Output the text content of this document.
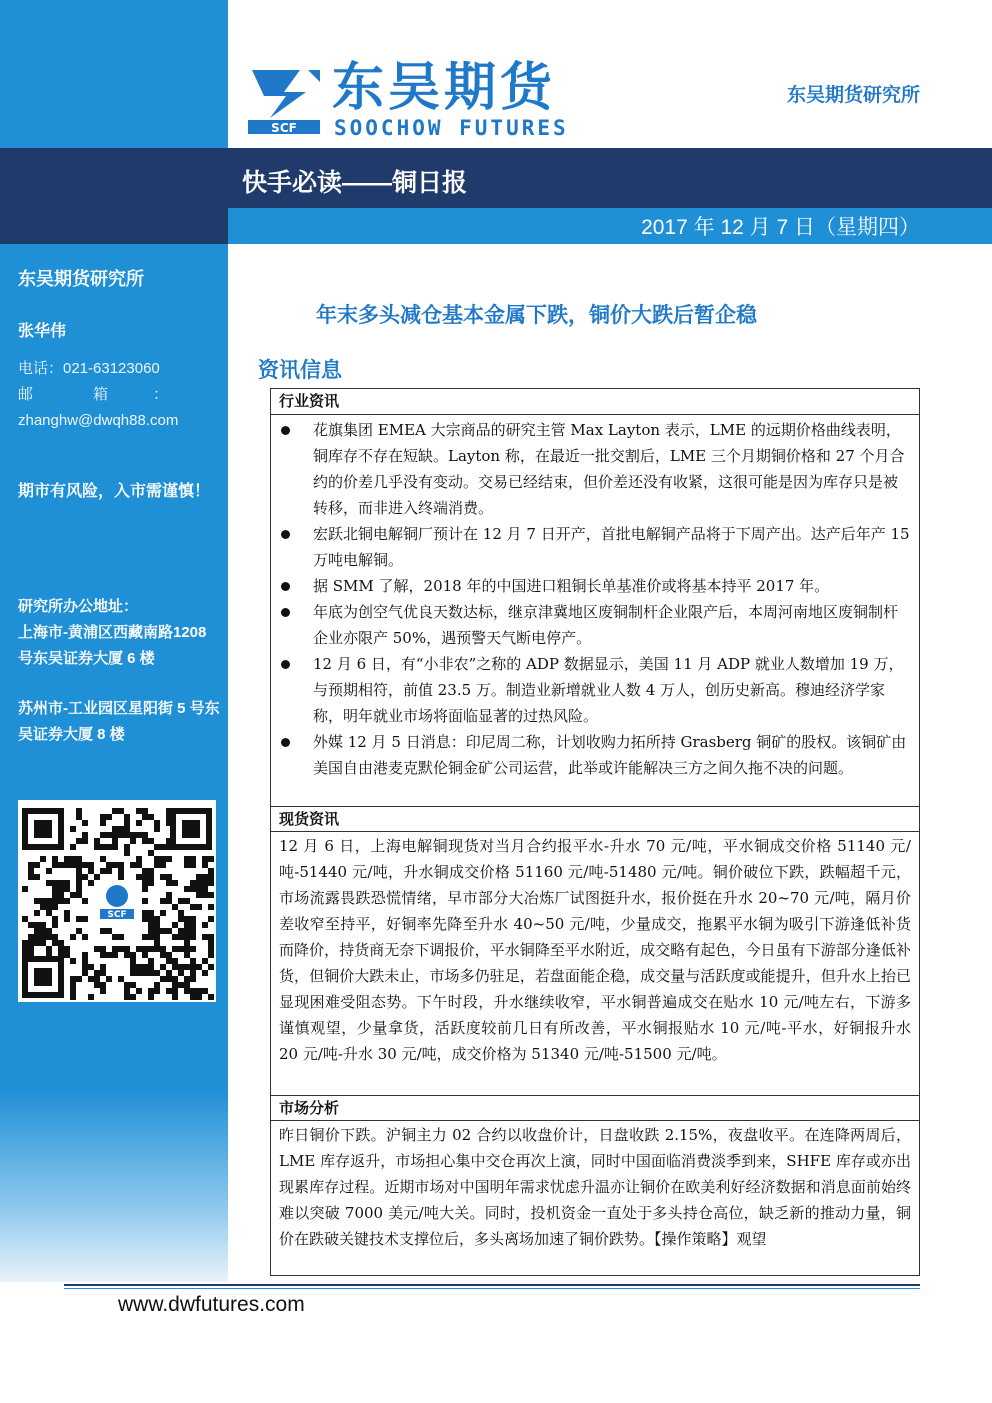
东吴期货研究所
张华伟
电话：021-63123060
邮　　　　箱　　　：
zhanghw@dwqh88.com
期市有风险，入市需谨慎！
研究所办公地址：
上海市-黄浦区西藏南路1208 号东吴证券大厦 6 楼
苏州市-工业园区星阳街 5 号东吴证券大厦 8 楼
SCF
SCF
东吴期货
SOOCHOW FUTURES
东吴期货研究所
快手必读——铜日报
2017 年 12 月 7 日（星期四）
年末多头减仓基本金属下跌，铜价大跌后暂企稳
资讯信息
行业资讯
花旗集团 EMEA 大宗商品的研究主管 Max Layton 表示，LME 的远期价格曲线表明，铜库存不存在短缺。Layton 称，在最近一批交割后，LME 三个月期铜价格和 27 个月合约的价差几乎没有变动。交易已经结束，但价差还没有收紧，这很可能是因为库存只是被转移，而非进入终端消费。
宏跃北铜电解铜厂预计在 12 月 7 日开产，首批电解铜产品将于下周产出。达产后年产 15 万吨电解铜。
据 SMM 了解，2018 年的中国进口粗铜长单基准价或将基本持平 2017 年。
年底为创空气优良天数达标，继京津冀地区废铜制杆企业限产后，本周河南地区废铜制杆企业亦限产 50%，遇预警天气断电停产。
12 月 6 日，有“小非农”之称的 ADP 数据显示，美国 11 月 ADP 就业人数增加 19 万，与预期相符，前值 23.5 万。制造业新增就业人数 4 万人，创历史新高。穆迪经济学家称，明年就业市场将面临显著的过热风险。
外媒 12 月 5 日消息：印尼周二称，计划收购力拓所持 Grasberg 铜矿的股权。该铜矿由美国自由港麦克默伦铜金矿公司运营，此举或许能解决三方之间久拖不决的问题。
现货资讯
12 月 6 日，上海电解铜现货对当月合约报平水-升水 70 元/吨，平水铜成交价格 51140 元/吨-51440 元/吨，升水铜成交价格 51160 元/吨-51480 元/吨。铜价破位下跌，跌幅超千元，市场流露畏跌恐慌情绪，早市部分大冶炼厂试图挺升水，报价挺在升水 20~70 元/吨，隔月价差收窄至持平，好铜率先降至升水 40~50 元/吨，少量成交，拖累平水铜为吸引下游逢低补货而降价，持货商无奈下调报价，平水铜降至平水附近，成交略有起色，今日虽有下游部分逢低补货，但铜价大跌未止，市场多仍驻足，若盘面能企稳，成交量与活跃度或能提升，但升水上抬已显现困难受阻态势。下午时段，升水继续收窄，平水铜普遍成交在贴水 10 元/吨左右，下游多谨慎观望，少量拿货，活跃度较前几日有所改善，平水铜报贴水 10 元/吨-平水，好铜报升水 20 元/吨-升水 30 元/吨，成交价格为 51340 元/吨-51500 元/吨。
市场分析
昨日铜价下跌。沪铜主力 02 合约以收盘价计，日盘收跌 2.15%，夜盘收平。在连降两周后，LME 库存返升，市场担心集中交仓再次上演，同时中国面临消费淡季到来，SHFE 库存或亦出现累库存过程。近期市场对中国明年需求忧虑升温亦让铜价在欧美利好经济数据和消息面前始终难以突破 7000 美元/吨大关。同时，投机资金一直处于多头持仓高位，缺乏新的推动力量，铜价在跌破关键技术支撑位后，多头离场加速了铜价跌势。【操作策略】观望
www.dwfutures.com
